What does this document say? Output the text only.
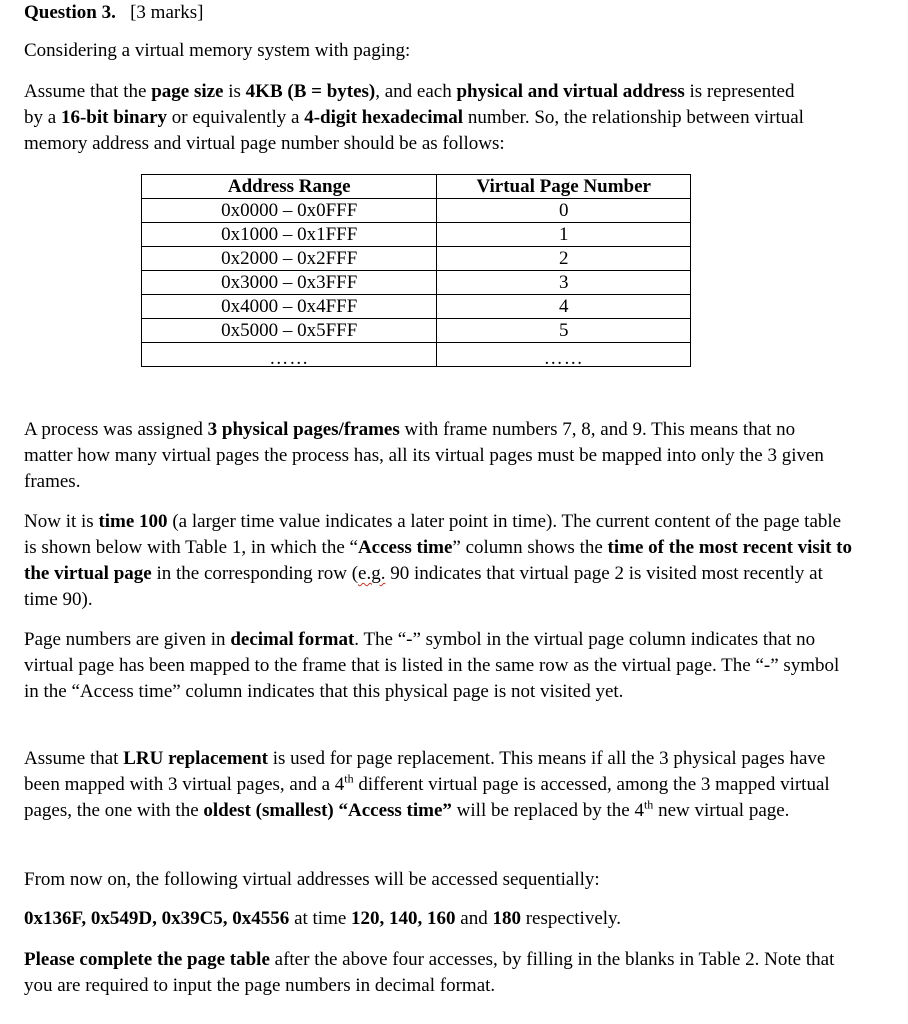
Question 3. [3 marks]

Considering a virtual memory system with paging:

Assume that the page size is 4KB (B = bytes), and each physical and virtual address is represented by a 16-bit binary or equivalently a 4-digit hexadecimal number. So, the relationship between virtual memory address and virtual page number should be as follows:

Address Range	Virtual Page Number
0x0000 – 0x0FFF	0
0x1000 – 0x1FFF	1
0x2000 – 0x2FFF	2
0x3000 – 0x3FFF	3
0x4000 – 0x4FFF	4
0x5000 – 0x5FFF	5
……	……

A process was assigned 3 physical pages/frames with frame numbers 7, 8, and 9. This means that no matter how many virtual pages the process has, all its virtual pages must be mapped into only the 3 given frames.

Now it is time 100 (a larger time value indicates a later point in time). The current content of the page table is shown below with Table 1, in which the “Access time” column shows the time of the most recent visit to the virtual page in the corresponding row (e.g. 90 indicates that virtual page 2 is visited most recently at time 90).

Page numbers are given in decimal format. The “-” symbol in the virtual page column indicates that no virtual page has been mapped to the frame that is listed in the same row as the virtual page. The “-” symbol in the “Access time” column indicates that this physical page is not visited yet.

Assume that LRU replacement is used for page replacement. This means if all the 3 physical pages have been mapped with 3 virtual pages, and a 4th different virtual page is accessed, among the 3 mapped virtual pages, the one with the oldest (smallest) “Access time” will be replaced by the 4th new virtual page.

From now on, the following virtual addresses will be accessed sequentially:

0x136F, 0x549D, 0x39C5, 0x4556 at time 120, 140, 160 and 180 respectively.

Please complete the page table after the above four accesses, by filling in the blanks in Table 2. Note that you are required to input the page numbers in decimal format.
